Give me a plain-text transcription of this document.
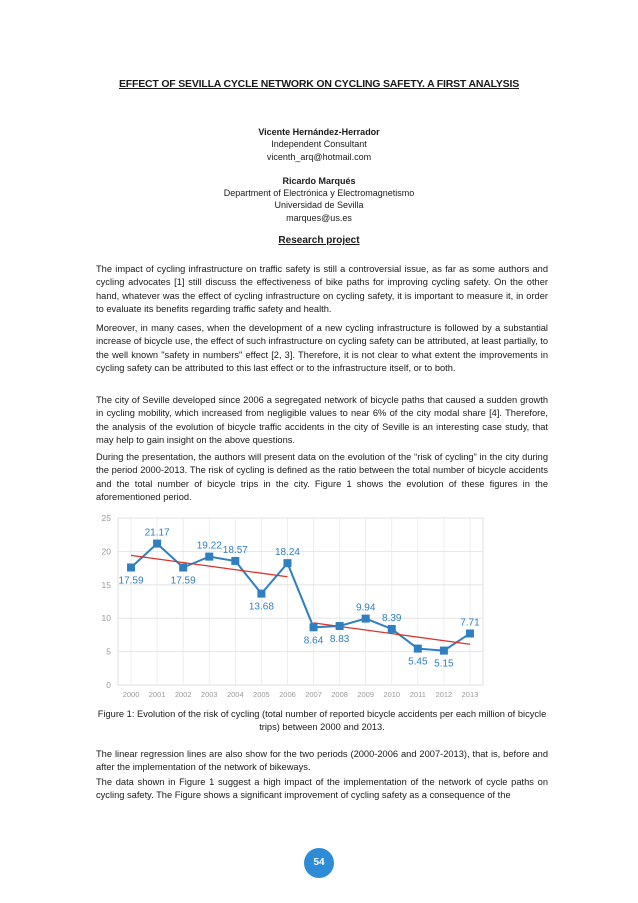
EFFECT OF SEVILLA CYCLE NETWORK ON CYCLING SAFETY. A FIRST ANALYSIS
Vicente Hernández-Herrador
Independent Consultant
vicenth_arq@hotmail.com
Ricardo Marqués
Department of Electrónica y Electromagnetismo
Universidad de Sevilla
marques@us.es
Research project

The impact of cycling infrastructure on traffic safety is still a controversial issue, as far as some authors and cycling advocates [1] still discuss the effectiveness of bike paths for improving cycling safety. On the other hand, whatever was the effect of cycling infrastructure on cycling safety, it is important to measure it, in order to evaluate its benefits regarding traffic safety and health.

Moreover, in many cases, when the development of a new cycling infrastructure is followed by a substantial increase of bicycle use, the effect of such infrastructure on cycling safety can be attributed, at least partially, to the well known "safety in numbers" effect [2, 3]. Therefore, it is not clear to what extent the improvements in cycling safety can be attributed to this last effect or to the infrastructure itself, or to both.

The city of Seville developed since 2006 a segregated network of bicycle paths that caused a sudden growth in cycling mobility, which increased from negligible values to near 6% of the city modal share [4]. Therefore, the analysis of the evolution of bicycle traffic accidents in the city of Seville is an interesting case study, that may help to gain insight on the above questions.

During the presentation, the authors will present data on the evolution of the “risk of cycling” in the city during the period 2000-2013. The risk of cycling is defined as the ratio between the total number of bicycle accidents and the total number of bicycle trips in the city. Figure 1 shows the evolution of these figures in the aforementioned period.

0
5
10
15
20
25
2000 2001 2002 2003 2004 2005 2006 2007 2008 2009 2010 2011 2012 2013
17.59
21.17
17.59
19.22 18.57
13.68
18.24
8.64 8.83
9.94
8.39
5.45 5.15
7.71

Figure 1: Evolution of the risk of cycling (total number of reported bicycle accidents per each million of bicycle trips) between 2000 and 2013.

The linear regression lines are also show for the two periods (2000-2006 and 2007-2013), that is, before and after the implementation of the network of bikeways.

The data shown in Figure 1 suggest a high impact of the implementation of the network of cycle paths on cycling safety. The Figure shows a significant improvement of cycling safety as a consequence of the

54
